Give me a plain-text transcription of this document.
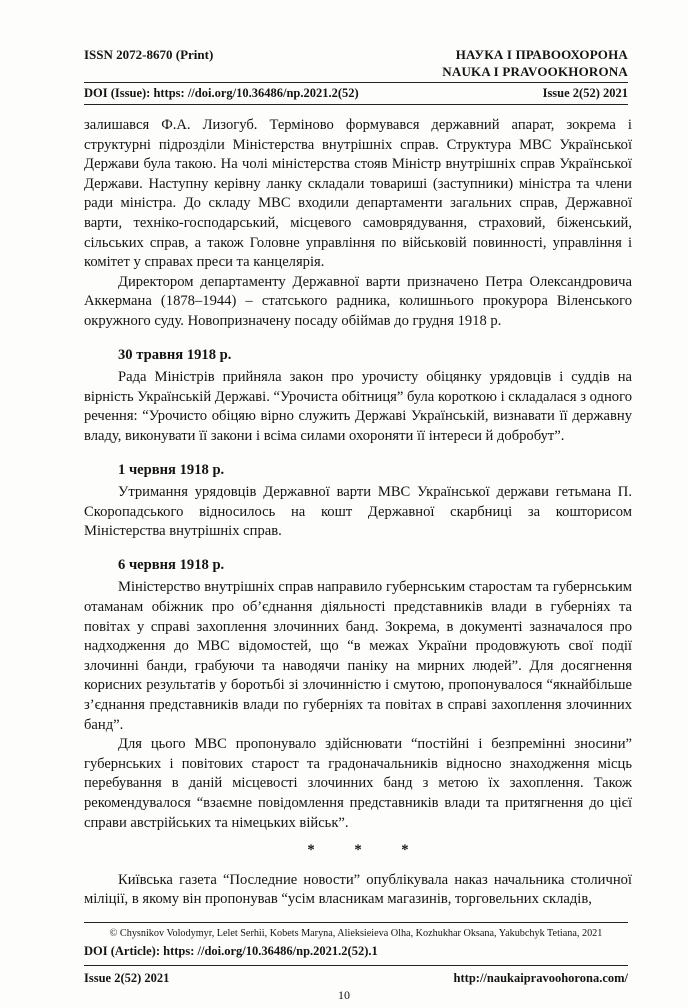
ISSN 2072-8670 (Print)	НАУКА І ПРАВООХОРОНА
NAUKA I PRAVOOKHORONA
DOI (Issue): https: //doi.org/10.36486/np.2021.2(52)	Issue 2(52) 2021

залишався Ф.А. Лизогуб. Терміново формувався державний апарат, зокрема і структурні підрозділи Міністерства внутрішніх справ. Структура МВС Української Держави була такою. На чолі міністерства стояв Міністр внутрішніх справ Української Держави. Наступну керівну ланку складали товариші (заступники) міністра та члени ради міністра. До складу МВС входили департаменти загальних справ, Державної варти, техніко-господарський, місцевого самоврядування, страховий, біженський, сільських справ, а також Головне управління по військовій повинності, управління і комітет у справах преси та канцелярія.

Директором департаменту Державної варти призначено Петра Олександровича Аккермана (1878–1944) – статського радника, колишнього прокурора Віленського окружного суду. Новопризначену посаду обіймав до грудня 1918 р.

30 травня 1918 р.

Рада Міністрів прийняла закон про урочисту обіцянку урядовців і суддів на вірність Українській Державі. “Урочиста обітниця” була короткою і складалася з одного речення: “Урочисто обіцяю вірно служить Державі Українській, визнавати її державну владу, виконувати її закони і всіма силами охороняти її інтереси й добробут”.

1 червня 1918 р.

Утримання урядовців Державної варти МВС Української держави гетьмана П. Скоропадського відносилось на кошт Державної скарбниці за кошторисом Міністерства внутрішніх справ.

6 червня 1918 р.

Міністерство внутрішніх справ направило губернським старостам та губернським отаманам обіжник про об’єднання діяльності представників влади в губерніях та повітах у справі захоплення злочинних банд. Зокрема, в документі зазначалося про надходження до МВС відомостей, що “в межах України продовжують свої події злочинні банди, грабуючи та наводячи паніку на мирних людей”. Для досягнення корисних результатів у боротьбі зі злочинністю і смутою, пропонувалося “якнайбільше з’єднання представників влади по губерніях та повітах в справі захоплення злочинних банд”.

Для цього МВС пропонувало здійснювати “постійні і безпремінні зносини” губернських і повітових старост та градоначальників відносно знаходження місць перебування в даній місцевості злочинних банд з метою їх захоплення. Також рекомендувалося “взаємне повідомлення представників влади та притягнення до цієї справи австрійських та німецьких військ”.

* * *

Київська газета “Последние новости” опублікувала наказ начальника столичної міліції, в якому він пропонував “усім власникам магазинів, торговельних складів,

© Chysnikov Volodymyr, Lelet Serhii, Kobets Maryna, Alieksieieva Olha, Kozhukhar Oksana, Yakubchyk Tetiana, 2021
DOI (Article): https: //doi.org/10.36486/np.2021.2(52).1
Issue 2(52) 2021	http://naukaipravoohorona.com/
10
